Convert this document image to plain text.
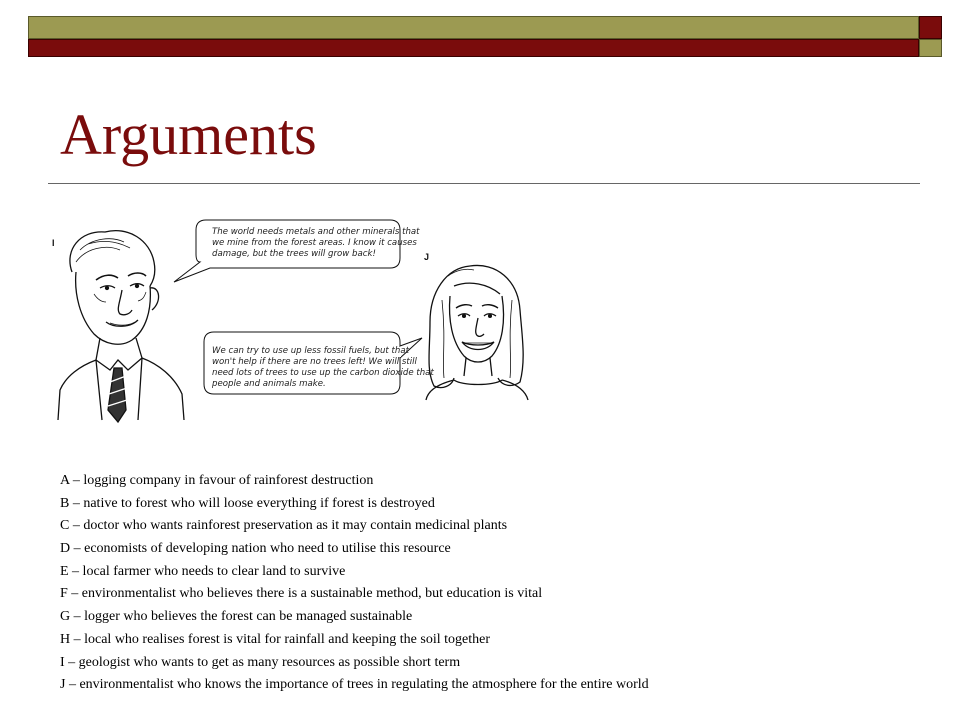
Arguments
I
The world needs metals and other minerals that
we mine from the forest areas. I know it causes
damage, but the trees will grow back!
We can try to use up less fossil fuels, but that
won't help if there are no trees left! We will still
need lots of trees to use up the carbon dioxide that
people and animals make.
J
A – logging company in favour of rainforest destruction
B – native to forest who will loose everything if forest is destroyed
C – doctor who wants rainforest preservation as it may contain medicinal plants
D – economists of developing nation who need to utilise this resource
E – local farmer who needs to clear land to survive
F – environmentalist who believes there is a sustainable method, but education is vital
G – logger who believes the forest can be managed sustainable
H – local who realises forest is vital for rainfall and keeping the soil together
I – geologist who wants to get as many resources as possible short term
J – environmentalist who knows the importance of trees in regulating the atmosphere for the entire world
